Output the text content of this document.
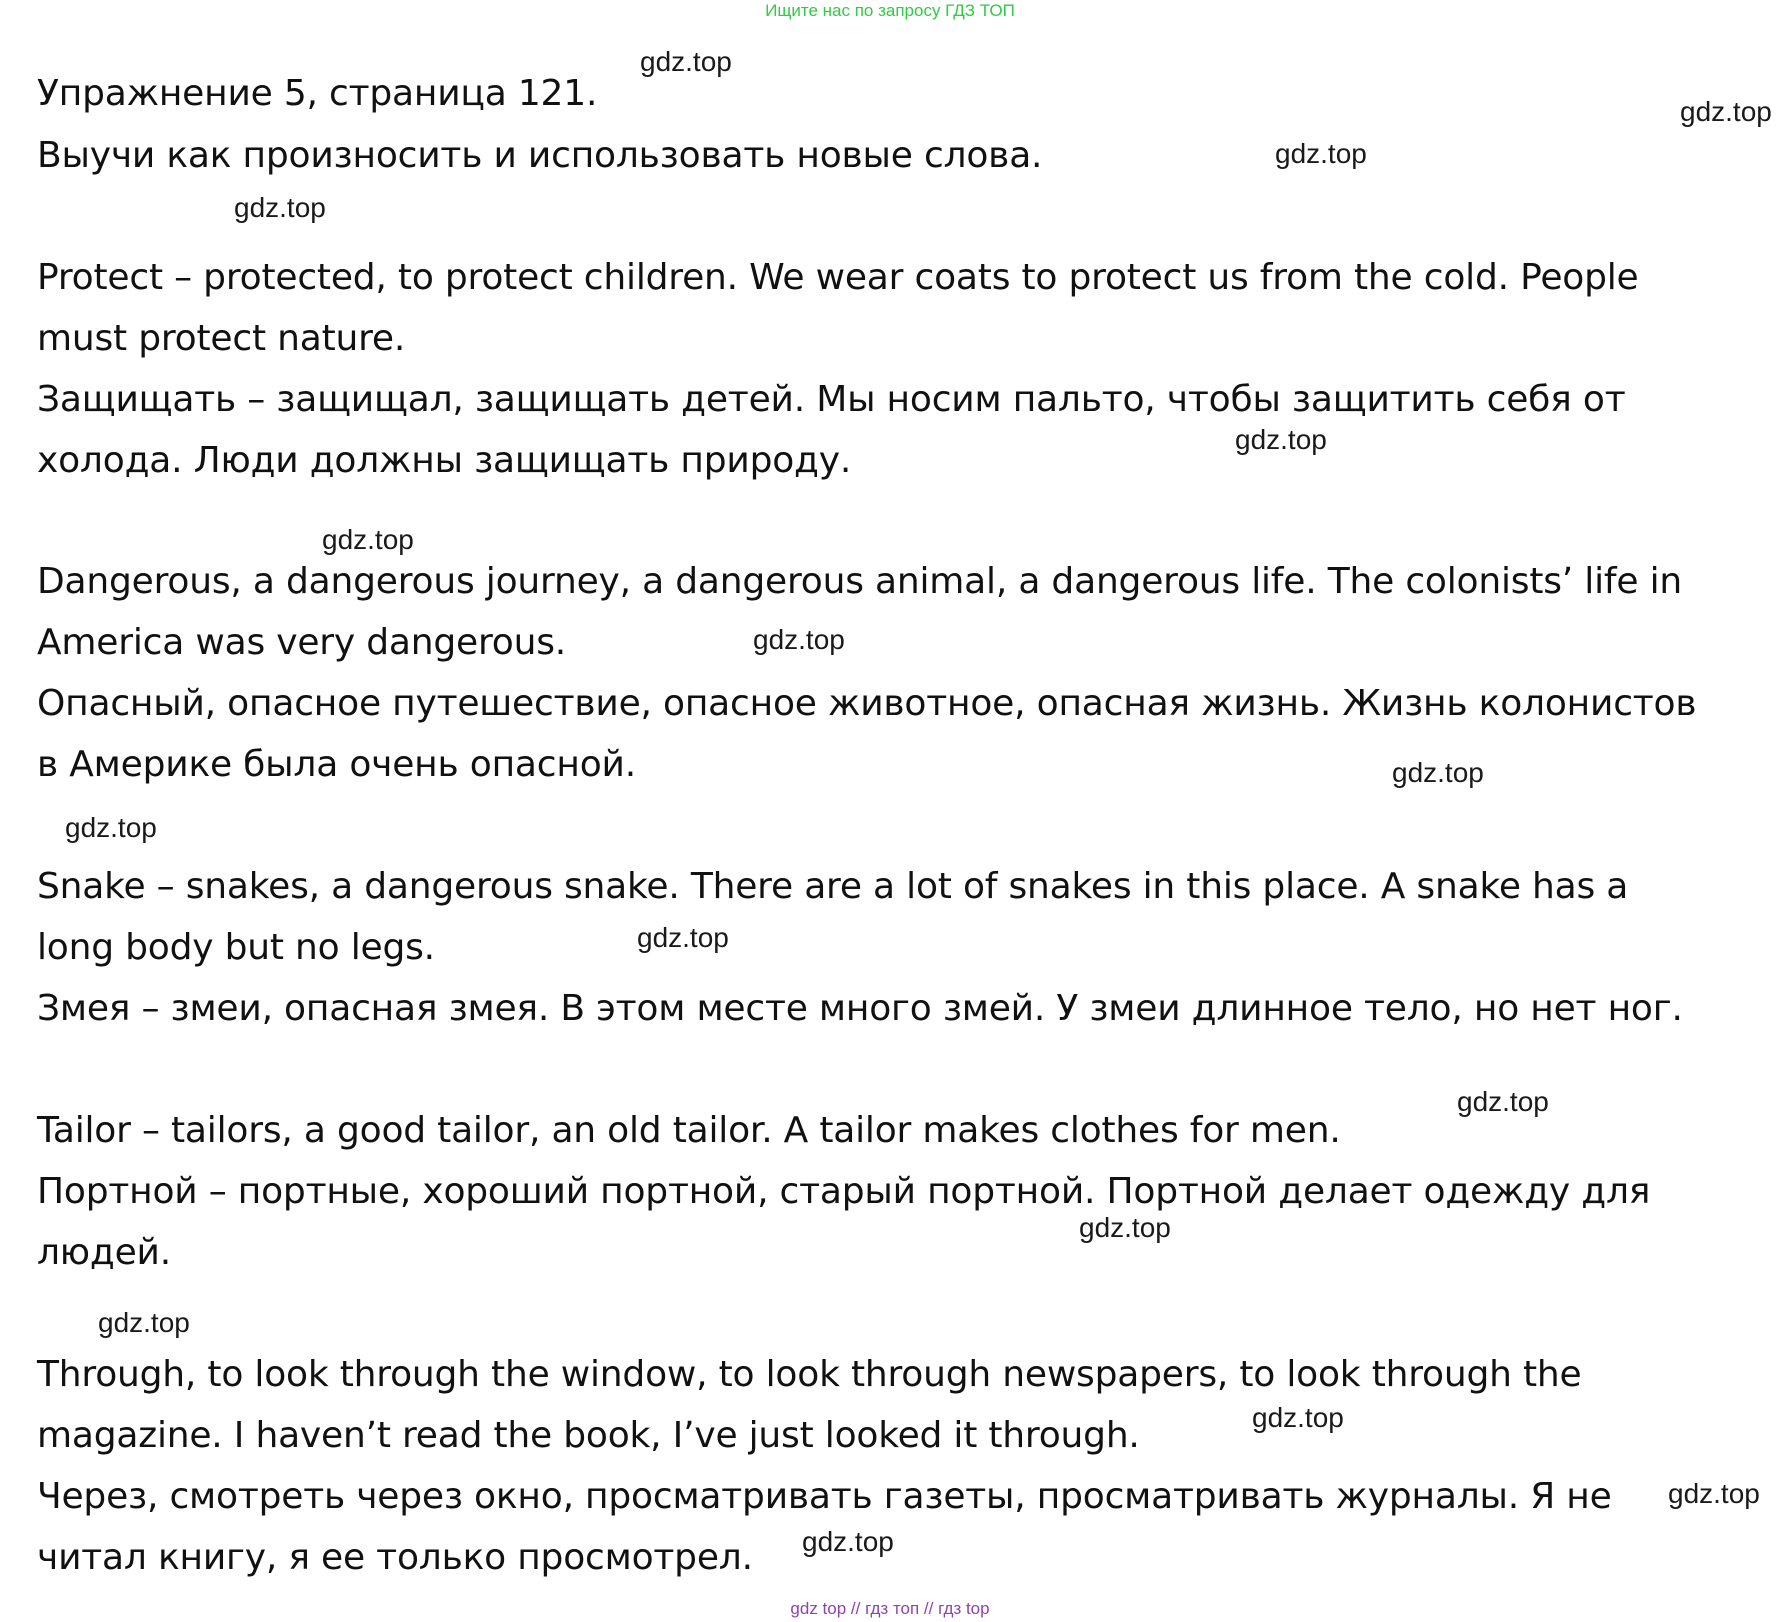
Ищите нас по запросу ГДЗ ТОП
Упражнение 5, страница 121.
Выучи как произносить и использовать новые слова.
Protect – protected, to protect children. We wear coats to protect us from the cold. People
must protect nature.
Защищать – защищал, защищать детей. Мы носим пальто, чтобы защитить себя от
холода. Люди должны защищать природу.
Dangerous, a dangerous journey, a dangerous animal, a dangerous life. The colonists’ life in
America was very dangerous.
Опасный, опасное путешествие, опасное животное, опасная жизнь. Жизнь колонистов
в Америке была очень опасной.
Snake – snakes, a dangerous snake. There are a lot of snakes in this place. A snake has a
long body but no legs.
Змея – змеи, опасная змея. В этом месте много змей. У змеи длинное тело, но нет ног.
Tailor – tailors, a good tailor, an old tailor. A tailor makes clothes for men.
Портной – портные, хороший портной, старый портной. Портной делает одежду для
людей.
Through, to look through the window, to look through newspapers, to look through the
magazine. I haven’t read the book, I’ve just looked it through.
Через, смотреть через окно, просматривать газеты, просматривать журналы. Я не
читал книгу, я ее только просмотрел.
gdz.top
gdz.top
gdz.top
gdz.top
gdz.top
gdz.top
gdz.top
gdz.top
gdz.top
gdz.top
gdz.top
gdz.top
gdz.top
gdz.top
gdz.top
gdz.top
gdz top // гдз топ // гдз top
